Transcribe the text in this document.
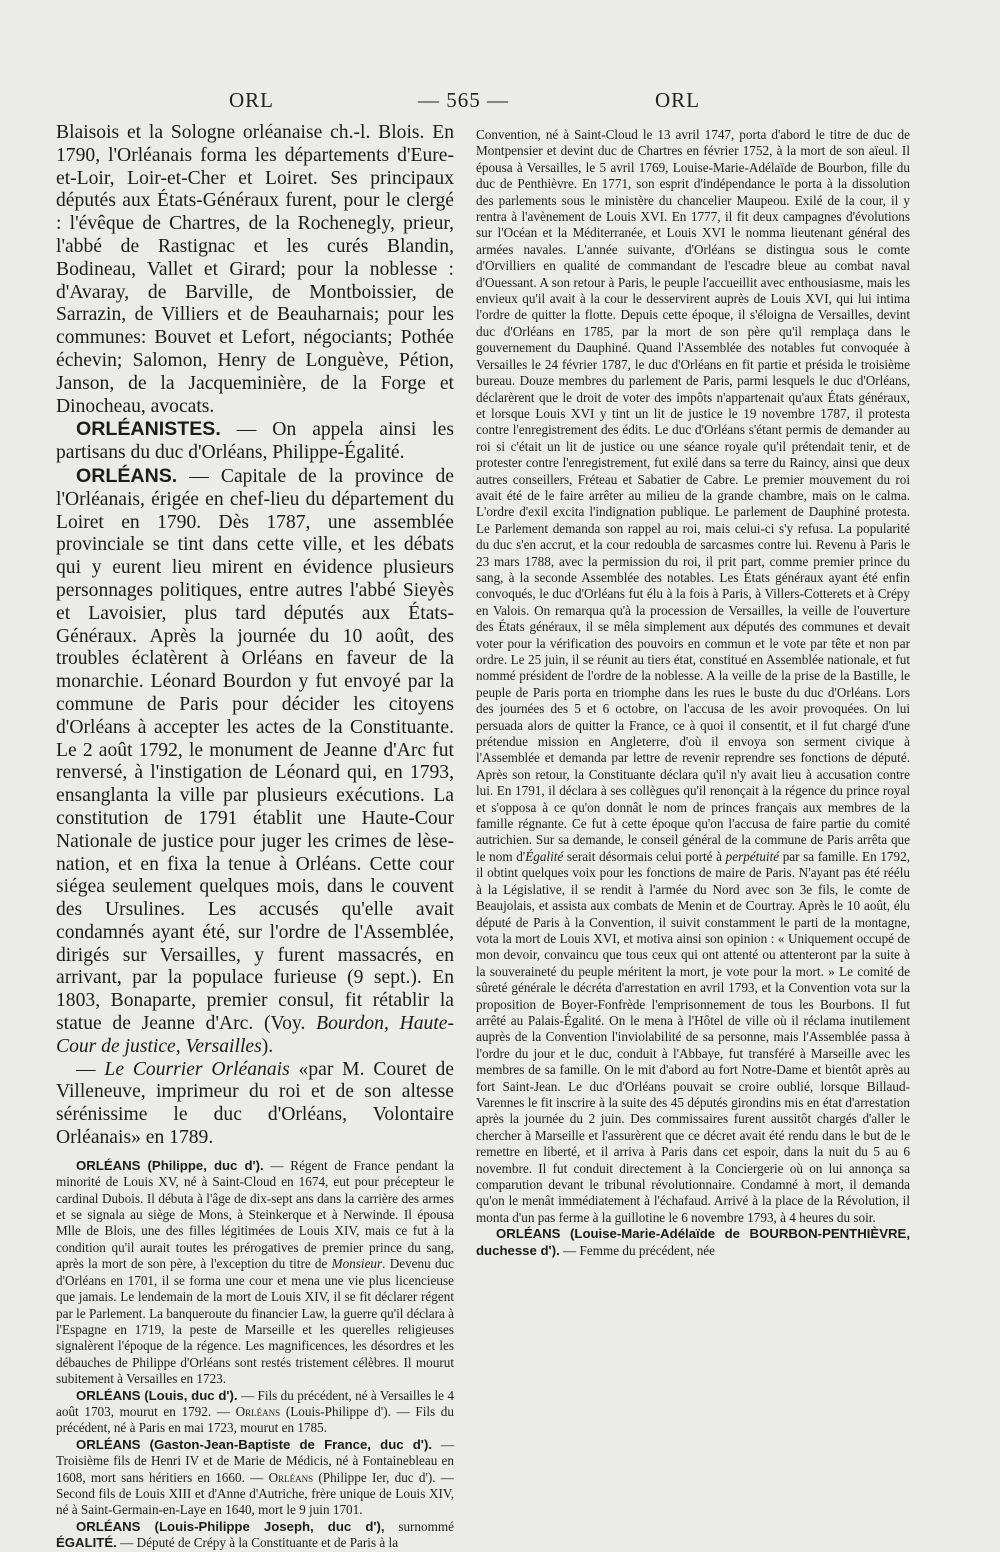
ORL	— 565 —	ORL

Blaisois et la Sologne orléanaise ch.-l. Blois. En 1790, l'Orléanais forma les départements d'Eure-et-Loir, Loir-et-Cher et Loiret. Ses principaux députés aux États-Généraux furent, pour le clergé : l'évêque de Chartres, de la Rochenegly, prieur, l'abbé de Rastignac et les curés Blandin, Bodineau, Vallet et Girard; pour la noblesse : d'Avaray, de Barville, de Montboissier, de Sarrazin, de Villiers et de Beauharnais; pour les communes: Bouvet et Lefort, négociants; Pothée échevin; Salomon, Henry de Longuève, Pétion, Janson, de la Jacqueminière, de la Forge et Dinocheau, avocats.

ORLÉANISTES. — On appela ainsi les partisans du duc d'Orléans, Philippe-Égalité.

ORLÉANS. — Capitale de la province de l'Orléanais, érigée en chef-lieu du département du Loiret en 1790. Dès 1787, une assemblée provinciale se tint dans cette ville, et les débats qui y eurent lieu mirent en évidence plusieurs personnages politiques, entre autres l'abbé Sieyès et Lavoisier, plus tard députés aux États-Généraux. Après la journée du 10 août, des troubles éclatèrent à Orléans en faveur de la monarchie. Léonard Bourdon y fut envoyé par la commune de Paris pour décider les citoyens d'Orléans à accepter les actes de la Constituante. Le 2 août 1792, le monument de Jeanne d'Arc fut renversé, à l'instigation de Léonard qui, en 1793, ensanglanta la ville par plusieurs exécutions. La constitution de 1791 établit une Haute-Cour Nationale de justice pour juger les crimes de lèse-nation, et en fixa la tenue à Orléans. Cette cour siégea seulement quelques mois, dans le couvent des Ursulines. Les accusés qu'elle avait condamnés ayant été, sur l'ordre de l'Assemblée, dirigés sur Versailles, y furent massacrés, en arrivant, par la populace furieuse (9 sept.). En 1803, Bonaparte, premier consul, fit rétablir la statue de Jeanne d'Arc. (Voy. Bourdon, Haute-Cour de justice, Versailles).

— Le Courrier Orléanais «par M. Couret de Villeneuve, imprimeur du roi et de son altesse sérénissime le duc d'Orléans, Volontaire Orléanais» en 1789.

ORLÉANS (Philippe, duc d'). — Régent de France pendant la minorité de Louis XV, né à Saint-Cloud en 1674, eut pour précepteur le cardinal Dubois. Il débuta à l'âge de dix-sept ans dans la carrière des armes et se signala au siège de Mons, à Steinkerque et à Nerwinde. Il épousa Mlle de Blois, une des filles légitimées de Louis XIV, mais ce fut à la condition qu'il aurait toutes les prérogatives de premier prince du sang, après la mort de son père, à l'exception du titre de Monsieur. Devenu duc d'Orléans en 1701, il se forma une cour et mena une vie plus licencieuse que jamais. Le lendemain de la mort de Louis XIV, il se fit déclarer régent par le Parlement. La banqueroute du financier Law, la guerre qu'il déclara à l'Espagne en 1719, la peste de Marseille et les querelles religieuses signalèrent l'époque de la régence. Les magnificences, les désordres et les débauches de Philippe d'Orléans sont restés tristement célèbres. Il mourut subitement à Versailles en 1723.

ORLÉANS (Louis, duc d'). — Fils du précédent, né à Versailles le 4 août 1703, mourut en 1792. — Orléans (Louis-Philippe d'). — Fils du précédent, né à Paris en mai 1723, mourut en 1785.

ORLÉANS (Gaston-Jean-Baptiste de France, duc d'). — Troisième fils de Henri IV et de Marie de Médicis, né à Fontainebleau en 1608, mort sans héritiers en 1660. — Orléans (Philippe Ier, duc d'). — Second fils de Louis XIII et d'Anne d'Autriche, frère unique de Louis XIV, né à Saint-Germain-en-Laye en 1640, mort le 9 juin 1701.

ORLÉANS (Louis-Philippe Joseph, duc d'), surnommé ÉGALITÉ. — Député de Crépy à la Constituante et de Paris à la

Convention, né à Saint-Cloud le 13 avril 1747, porta d'abord le titre de duc de Montpensier et devint duc de Chartres en février 1752, à la mort de son aïeul. Il épousa à Versailles, le 5 avril 1769, Louise-Marie-Adélaïde de Bourbon, fille du duc de Penthièvre. En 1771, son esprit d'indépendance le porta à la dissolution des parlements sous le ministère du chancelier Maupeou. Exilé de la cour, il y rentra à l'avènement de Louis XVI. En 1777, il fit deux campagnes d'évolutions sur l'Océan et la Méditerranée, et Louis XVI le nomma lieutenant général des armées navales. L'année suivante, d'Orléans se distingua sous le comte d'Orvilliers en qualité de commandant de l'escadre bleue au combat naval d'Ouessant. A son retour à Paris, le peuple l'accueillit avec enthousiasme, mais les envieux qu'il avait à la cour le desservirent auprès de Louis XVI, qui lui intima l'ordre de quitter la flotte. Depuis cette époque, il s'éloigna de Versailles, devint duc d'Orléans en 1785, par la mort de son père qu'il remplaça dans le gouvernement du Dauphiné. Quand l'Assemblée des notables fut convoquée à Versailles le 24 février 1787, le duc d'Orléans en fit partie et présida le troisième bureau. Douze membres du parlement de Paris, parmi lesquels le duc d'Orléans, déclarèrent que le droit de voter des impôts n'appartenait qu'aux États généraux, et lorsque Louis XVI y tint un lit de justice le 19 novembre 1787, il protesta contre l'enregistrement des édits. Le duc d'Orléans s'étant permis de demander au roi si c'était un lit de justice ou une séance royale qu'il prétendait tenir, et de protester contre l'enregistrement, fut exilé dans sa terre du Raincy, ainsi que deux autres conseillers, Fréteau et Sabatier de Cabre. Le premier mouvement du roi avait été de le faire arrêter au milieu de la grande chambre, mais on le calma. L'ordre d'exil excita l'indignation publique. Le parlement de Dauphiné protesta. Le Parlement demanda son rappel au roi, mais celui-ci s'y refusa. La popularité du duc s'en accrut, et la cour redoubla de sarcasmes contre lui. Revenu à Paris le 23 mars 1788, avec la permission du roi, il prit part, comme premier prince du sang, à la seconde Assemblée des notables. Les États généraux ayant été enfin convoqués, le duc d'Orléans fut élu à la fois à Paris, à Villers-Cotterets et à Crépy en Valois. On remarqua qu'à la procession de Versailles, la veille de l'ouverture des États généraux, il se mêla simplement aux députés des communes et devait voter pour la vérification des pouvoirs en commun et le vote par tête et non par ordre. Le 25 juin, il se réunit au tiers état, constitué en Assemblée nationale, et fut nommé président de l'ordre de la noblesse. A la veille de la prise de la Bastille, le peuple de Paris porta en triomphe dans les rues le buste du duc d'Orléans. Lors des journées des 5 et 6 octobre, on l'accusa de les avoir provoquées. On lui persuada alors de quitter la France, ce à quoi il consentit, et il fut chargé d'une prétendue mission en Angleterre, d'où il envoya son serment civique à l'Assemblée et demanda par lettre de revenir reprendre ses fonctions de député. Après son retour, la Constituante déclara qu'il n'y avait lieu à accusation contre lui. En 1791, il déclara à ses collègues qu'il renonçait à la régence du prince royal et s'opposa à ce qu'on donnât le nom de princes français aux membres de la famille régnante. Ce fut à cette époque qu'on l'accusa de faire partie du comité autrichien. Sur sa demande, le conseil général de la commune de Paris arrêta que le nom d'Égalité serait désormais celui porté à perpétuité par sa famille. En 1792, il obtint quelques voix pour les fonctions de maire de Paris. N'ayant pas été réélu à la Législative, il se rendit à l'armée du Nord avec son 3e fils, le comte de Beaujolais, et assista aux combats de Menin et de Courtray. Après le 10 août, élu député de Paris à la Convention, il suivit constamment le parti de la montagne, vota la mort de Louis XVI, et motiva ainsi son opinion : « Uniquement occupé de mon devoir, convaincu que tous ceux qui ont attenté ou attenteront par la suite à la souveraineté du peuple méritent la mort, je vote pour la mort. » Le comité de sûreté générale le décréta d'arrestation en avril 1793, et la Convention vota sur la proposition de Boyer-Fonfrède l'emprisonnement de tous les Bourbons. Il fut arrêté au Palais-Égalité. On le mena à l'Hôtel de ville où il réclama inutilement auprès de la Convention l'inviolabilité de sa personne, mais l'Assemblée passa à l'ordre du jour et le duc, conduit à l'Abbaye, fut transféré à Marseille avec les membres de sa famille. On le mit d'abord au fort Notre-Dame et bientôt après au fort Saint-Jean. Le duc d'Orléans pouvait se croire oublié, lorsque Billaud-Varennes le fit inscrire à la suite des 45 députés girondins mis en état d'arrestation après la journée du 2 juin. Des commissaires furent aussitôt chargés d'aller le chercher à Marseille et l'assurèrent que ce décret avait été rendu dans le but de le remettre en liberté, et il arriva à Paris dans cet espoir, dans la nuit du 5 au 6 novembre. Il fut conduit directement à la Conciergerie où on lui annonça sa comparution devant le tribunal révolutionnaire. Condamné à mort, il demanda qu'on le menât immédiatement à l'échafaud. Arrivé à la place de la Révolution, il monta d'un pas ferme à la guillotine le 6 novembre 1793, à 4 heures du soir.

ORLÉANS (Louise-Marie-Adélaïde de BOURBON-PENTHIÈVRE, duchesse d'). — Femme du précédent, née
